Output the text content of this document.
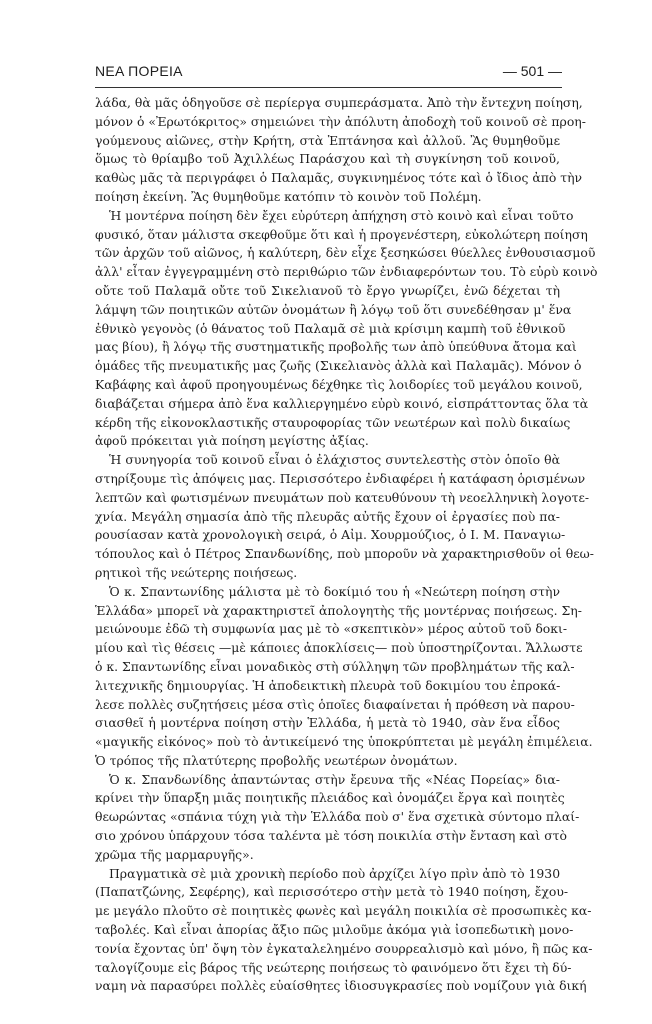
ΝΕΑ ΠΟΡΕΙΑ	— 501 —
λάδα, θὰ μᾶς ὁδηγοῦσε σὲ περίεργα συμπεράσματα. Ἀπὸ τὴν ἔντεχνη ποίηση,
μόνον ὁ «Ἐρωτόκριτος» σημειώνει τὴν ἀπόλυτη ἀποδοχὴ τοῦ κοινοῦ σὲ προη-
γούμενους αἰῶνες, στὴν Κρήτη, στὰ Ἑπτάνησα καὶ ἀλλοῦ. Ἂς θυμηθοῦμε
ὅμως τὸ θρίαμβο τοῦ Ἀχιλλέως Παράσχου καὶ τὴ συγκίνηση τοῦ κοινοῦ,
καθὼς μᾶς τὰ περιγράφει ὁ Παλαμᾶς, συγκινημένος τότε καὶ ὁ ἴδιος ἀπὸ τὴν
ποίηση ἐκείνη. Ἂς θυμηθοῦμε κατόπιν τὸ κοινὸν τοῦ Πολέμη.
Ἡ μοντέρνα ποίηση δὲν ἔχει εὐρύτερη ἀπήχηση στὸ κοινὸ καὶ εἶναι τοῦτο
φυσικό, ὅταν μάλιστα σκεφθοῦμε ὅτι καὶ ἡ προγενέστερη, εὐκολώτερη ποίηση
τῶν ἀρχῶν τοῦ αἰῶνος, ἡ καλύτερη, δὲν εἶχε ξεσηκώσει θύελλες ἐνθουσιασμοῦ
ἀλλ' εἶταν ἐγγεγραμμένη στὸ περιθώριο τῶν ἐνδιαφερόντων του. Τὸ εὐρὺ κοινὸ
οὔτε τοῦ Παλαμᾶ οὔτε τοῦ Σικελιανοῦ τὸ ἔργο γνωρίζει, ἐνῶ δέχεται τὴ
λάμψη τῶν ποιητικῶν αὐτῶν ὀνομάτων ἢ λόγῳ τοῦ ὅτι συνεδέθησαν μ' ἕνα
ἐθνικὸ γεγονὸς (ὁ θάνατος τοῦ Παλαμᾶ σὲ μιὰ κρίσιμη καμπὴ τοῦ ἐθνικοῦ
μας βίου), ἢ λόγῳ τῆς συστηματικῆς προβολῆς των ἀπὸ ὑπεύθυνα ἄτομα καὶ
ὁμάδες τῆς πνευματικῆς μας ζωῆς (Σικελιανὸς ἀλλὰ καὶ Παλαμᾶς). Μόνον ὁ
Καβάφης καὶ ἀφοῦ προηγουμένως δέχθηκε τὶς λοιδορίες τοῦ μεγάλου κοινοῦ,
διαβάζεται σήμερα ἀπὸ ἕνα καλλιεργημένο εὐρὺ κοινό, εἰσπράττοντας ὅλα τὰ
κέρδη τῆς εἰκονοκλαστικῆς σταυροφορίας τῶν νεωτέρων καὶ πολὺ δικαίως
ἀφοῦ πρόκειται γιὰ ποίηση μεγίστης ἀξίας.
Ἡ συνηγορία τοῦ κοινοῦ εἶναι ὁ ἐλάχιστος συντελεστὴς στὸν ὁποῖο θὰ
στηρίξουμε τὶς ἀπόψεις μας. Περισσότερο ἐνδιαφέρει ἡ κατάφαση ὁρισμένων
λεπτῶν καὶ φωτισμένων πνευμάτων ποὺ κατευθύνουν τὴ νεοελληνικὴ λογοτε-
χνία. Μεγάλη σημασία ἀπὸ τῆς πλευρᾶς αὐτῆς ἔχουν οἱ ἐργασίες ποὺ πα-
ρουσίασαν κατὰ χρονολογικὴ σειρά, ὁ Αἰμ. Χουρμούζιος, ὁ Ι. Μ. Παναγιω-
τόπουλος καὶ ὁ Πέτρος Σπανδωνίδης, ποὺ μποροῦν νὰ χαρακτηρισθοῦν οἱ θεω-
ρητικοὶ τῆς νεώτερης ποιήσεως.
Ὁ κ. Σπαντωνίδης μάλιστα μὲ τὸ δοκίμιό του ἡ «Νεώτερη ποίηση στὴν
Ἑλλάδα» μπορεῖ νὰ χαρακτηριστεῖ ἀπολογητὴς τῆς μοντέρνας ποιήσεως. Ση-
μειώνουμε ἐδῶ τὴ συμφωνία μας μὲ τὸ «σκεπτικὸν» μέρος αὐτοῦ τοῦ δοκι-
μίου καὶ τὶς θέσεις —μὲ κάποιες ἀποκλίσεις— ποὺ ὑποστηρίζονται. Ἄλλωστε
ὁ κ. Σπαντωνίδης εἶναι μοναδικὸς στὴ σύλληψη τῶν προβλημάτων τῆς καλ-
λιτεχνικῆς δημιουργίας. Ἡ ἀποδεικτικὴ πλευρὰ τοῦ δοκιμίου του ἐπροκά-
λεσε πολλὲς συζητήσεις μέσα στὶς ὁποῖες διαφαίνεται ἡ πρόθεση νὰ παρου-
σιασθεῖ ἡ μοντέρνα ποίηση στὴν Ἑλλάδα, ἡ μετὰ τὸ 1940, σὰν ἕνα εἶδος
«μαγικῆς εἰκόνος» ποὺ τὸ ἀντικείμενό της ὑποκρύπτεται μὲ μεγάλη ἐπιμέλεια.
Ὁ τρόπος τῆς πλατύτερης προβολῆς νεωτέρων ὀνομάτων.
Ὁ κ. Σπανδωνίδης ἀπαντώντας στὴν ἔρευνα τῆς «Νέας Πορείας» δια-
κρίνει τὴν ὕπαρξη μιᾶς ποιητικῆς πλειάδος καὶ ὀνομάζει ἔργα καὶ ποιητὲς
θεωρώντας «σπάνια τύχη γιὰ τὴν Ἑλλάδα ποὺ σ' ἕνα σχετικὰ σύντομο πλαί-
σιο χρόνου ὑπάρχουν τόσα ταλέντα μὲ τόση ποικιλία στὴν ἔνταση καὶ στὸ
χρῶμα τῆς μαρμαρυγῆς».
Πραγματικὰ σὲ μιὰ χρονικὴ περίοδο ποὺ ἀρχίζει λίγο πρὶν ἀπὸ τὸ 1930
(Παπατζώνης, Σεφέρης), καὶ περισσότερο στὴν μετὰ τὸ 1940 ποίηση, ἔχου-
με μεγάλο πλοῦτο σὲ ποιητικὲς φωνὲς καὶ μεγάλη ποικιλία σὲ προσωπικὲς κα-
ταβολές. Καὶ εἶναι ἀπορίας ἄξιο πῶς μιλοῦμε ἀκόμα γιὰ ἰσοπεδωτικὴ μονο-
τονία ἔχοντας ὑπ' ὄψη τὸν ἐγκαταλελημένο σουρρεαλισμὸ καὶ μόνο, ἢ πῶς κα-
ταλογίζουμε εἰς βάρος τῆς νεώτερης ποιήσεως τὸ φαινόμενο ὅτι ἔχει τὴ δύ-
ναμη νὰ παρασύρει πολλὲς εὐαίσθητες ἰδιοσυγκρασίες ποὺ νομίζουν γιὰ δική
